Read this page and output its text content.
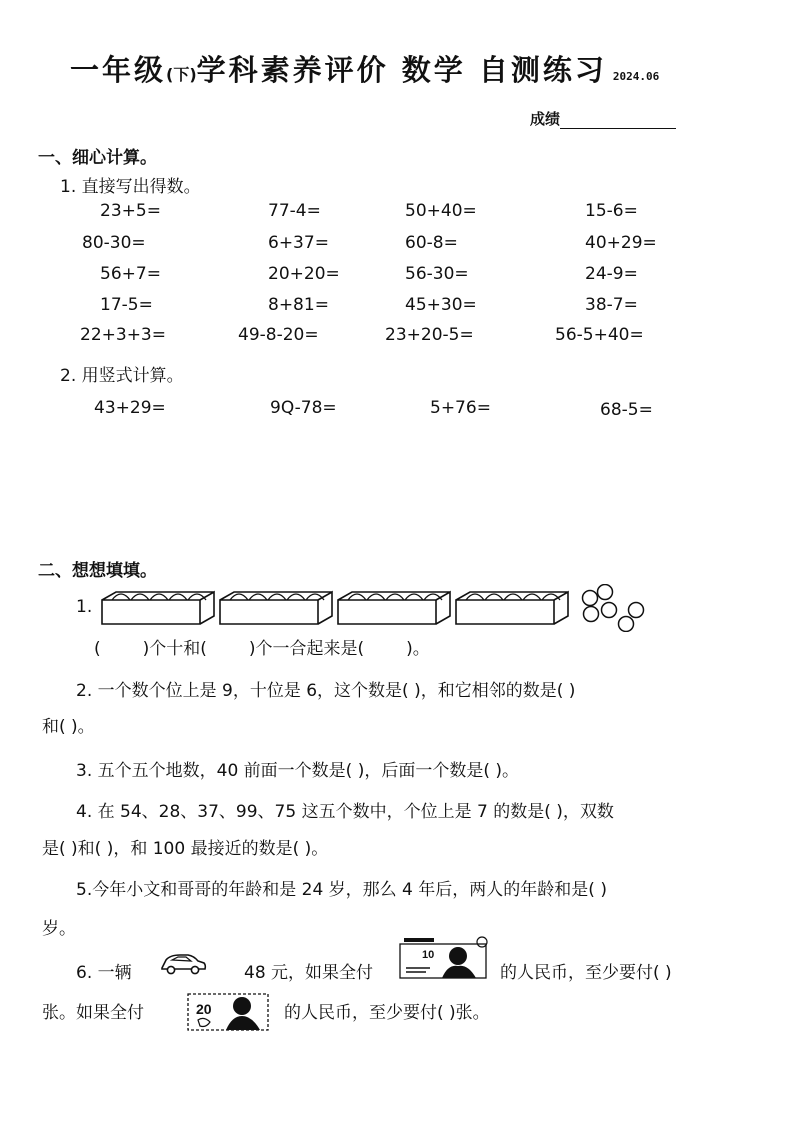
一年级(下)学科素养评价 数学 自测练习 2024.06
成绩
一、细心计算。
1. 直接写出得数。
23+5=	77-4=	50+40=	15-6=
80-30=	6+37=	60-8=	40+29=
56+7=	20+20=	56-30=	24-9=
17-5=	8+81=	45+30=	38-7=
22+3+3=	49-8-20=	23+20-5=	56-5+40=
2. 用竖式计算。
43+29=	9Q-78=	5+76=	68-5=
二、想想填填。
1.
( )个十和( )个一合起来是( )。
2. 一个数个位上是 9，十位是 6，这个数是( )，和它相邻的数是( )
和( )。
3. 五个五个地数，40 前面一个数是( )，后面一个数是( )。
4. 在 54、28、37、99、75 这五个数中，个位上是 7 的数是( )，双数
是( )和( )，和 100 最接近的数是( )。
5.今年小文和哥哥的年龄和是 24 岁，那么 4 年后，两人的年龄和是( )
岁。
6. 一辆	48 元，如果全付
10
的人民币，至少要付( )
张。如果全付	20	的人民币，至少要付( )张。
